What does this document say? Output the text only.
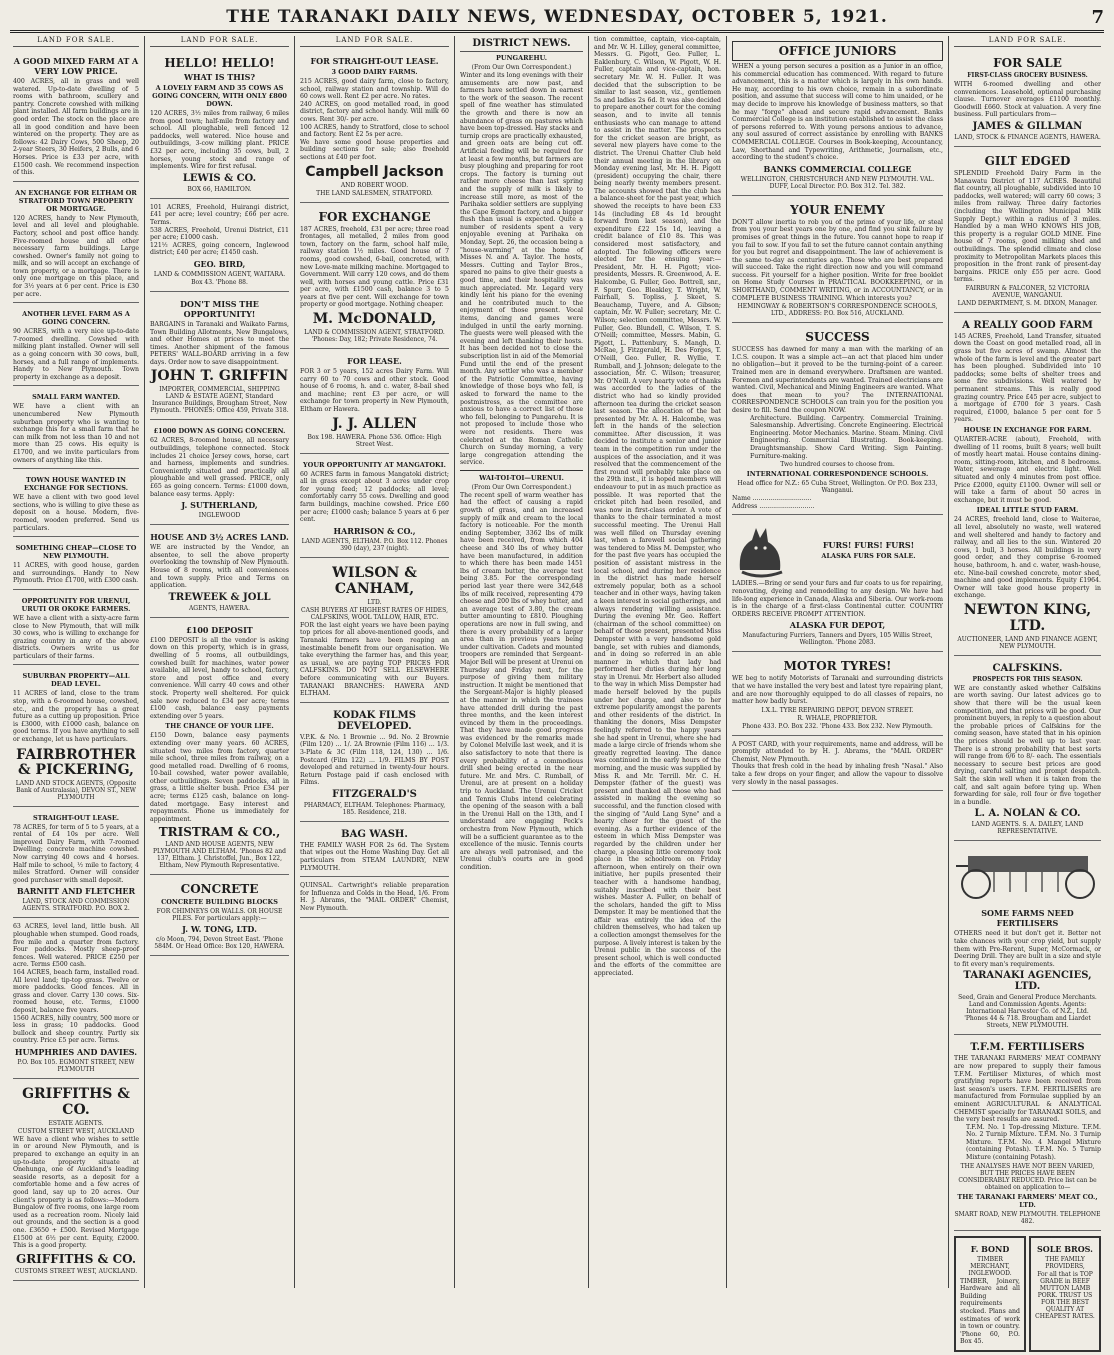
THE TARANAKI DAILY NEWS, WEDNESDAY, OCTOBER 5, 1921.	7
LAND FOR SALE.

A GOOD MIXED FARM AT A VERY LOW PRICE.

400 ACRES, all in grass and well watered. Up-to-date dwelling of 5 rooms with bathroom, scullery and pantry. Concrete cowshed with milking plant installed. All farm buildings are in good order. The stock on the place are all in good condition and have been wintered on the property. They are as follows: 42 Dairy Cows, 500 Sheep, 20 2-year Steers, 30 Heifers, 2 Bulls, and 6 Horses. Price is £33 per acre, with £1500 cash. We recommend inspection of this.

AN EXCHANGE FOR ELTHAM OR STRATFORD TOWN PROPERTY OR MORTGAGE.

120 ACRES, handy to New Plymouth, level and all level and ploughable. Factory, school and post office handy. Five-roomed house and all other necessary farm buildings. Large cowshed. Owner's family not going to milk, and so will accept an exchange of town property, or a mortgage. There is only one mortgage on this place, and for 3½ years at 6 per cent. Price is £30 per acre.

ANOTHER LEVEL FARM AS A GOING CONCERN.

90 ACRES, with a very nice up-to-date 7-roomed dwelling. Cowshed with milking plant installed. Owner will sell as a going concern with 30 cows, bull, horses, and a full range of implements. Handy to New Plymouth. Town property in exchange as a deposit.

SMALL FARM WANTED.

WE have a client with an unencumbered New Plymouth suburban property who is wanting to exchange this for a small farm that he can milk from not less than 10 and not more than 25 cows. His equity is £1700, and we invite particulars from owners of anything like this.

TOWN HOUSE WANTED IN EXCHANGE FOR SECTIONS.

WE have a client with two good level sections, who is willing to give these as deposit on a house. Modern, five-roomed, wooden preferred. Send us particulars.

SOMETHING CHEAP—CLOSE TO NEW PLYMOUTH.

11 ACRES, with good house, garden and surroundings. Handy to New Plymouth. Price £1700, with £300 cash.

OPPORTUNITY FOR URENUI, URUTI OR OKOKE FARMERS.

WE have a client with a sixty-acre farm close to New Plymouth, that will milk 30 cows, who is willing to exchange for grazing country in any of the above districts. Owners write us for particulars of their farms.

SUBURBAN PROPERTY—ALL DEAD LEVEL.

11 ACRES of land, close to the tram stop, with a 6-roomed house, cowshed, etc., and the property has a great future as a cutting up proposition. Price is £3000, with £1000 cash, balance on good terms. If you have anything to sell or exchange, let us have particulars.

FAIRBROTHER & PICKERING,

LAND AND STOCK AGENTS, (Opposite Bank of Australasia), DEVON ST., NEW PLYMOUTH

STRAIGHT-OUT LEASE.

78 ACRES, for term of 5 to 5 years, at a rental of £4 10s per acre. Well improved Dairy Farm, with 7-roomed Dwelling; concrete machine cowshed. Now carrying 40 cows and 4 horses. Half mile to school, ½ mile to factory, 4 miles Stratford. Owner will consider good purchaser with small deposit.

BARNITT AND FLETCHER

LAND, STOCK AND COMMISSION AGENTS. STRATFORD. P.O. BOX 2.

63 ACRES, level land, little bush. All ploughable when stumped. Good roads, five mile and a quarter from factory. Four paddocks. Mostly sheep-proof fences. Well watered. PRICE £250 per acre. Terms £500 cash.

164 ACRES, beach farm, installed road. All level land; tip-top grass. Twelve or more paddocks. Good fences. All in grass and clover. Carry 130 cows. Six-roomed house, etc. Terms, £1000 deposit, balance five years.

1560 ACRES, hilly country, 500 more or less in grass; 10 paddocks. Good bullock and sheep country. Partly six country. Price £5 per acre. Terms.

HUMPHRIES AND DAVIES.

P.O. Box 105. EGMONT STREET, NEW PLYMOUTH

GRIFFITHS & CO.

ESTATE AGENTS.

CUSTOM STREET WEST, AUCKLAND

WE have a client who wishes to settle in or around New Plymouth, and is prepared to exchange an equity in an up-to-date property situate at Onehunga, one of Auckland's leading seaside resorts, as a deposit for a comfortable home and a few acres of good land, say up to 20 acres. Our client's property is as follows:—Modern Bungalow of five rooms, one large room used as a recreation room. Nicely laid out grounds, and the section is a good one. £3650 + £500. Revised Mortgage £1500 at 6½ per cent. Equity, £2000. This is a good property.

GRIFFITHS & CO.

CUSTOMS STREET WEST, AUCKLAND.

LAND FOR SALE.

HELLO! HELLO!

WHAT IS THIS?

A LOVELY FARM AND 35 COWS AS GOING CONCERN, WITH ONLY £800 DOWN.

120 ACRES, 3½ miles from railway, 6 miles from good town; half-mile from factory and school. All ploughable, well fenced 12 paddocks, well watered. Nice house and outbuildings, 3-cow milking plant. PRICE £32 per acre, including 35 cows, bull, 2 horses, young stock and range of implements. Wire for first refusal.

LEWIS & CO.

BOX 66, HAMILTON.

101 ACRES, Freehold, Huirangi district, £41 per acre; level country; £66 per acre. Terms.

538 ACRES, Freehold, Urenui District, £11 per acre; £1000 cash.

121½ ACRES, going concern, Inglewood district; £40 per acre; £1450 cash.

GEO. BIRD,

LAND & COMMISSION AGENT, WAITARA.

Box 43. 'Phone 88.

DON'T MISS THE OPPORTUNITY!

BARGAINS in Taranaki and Waikato Farms, Town Building Allotments, New Bungalows, and other Homes at prices to meet the times. Another shipment of the famous PETERS' WALL-BOARD arriving in a few days. Order now to save disappointment.

JOHN T. GRIFFIN

IMPORTER, COMMERCIAL, SHIPPING LAND & ESTATE AGENT, Standard Insurance Buildings, Brougham Street, New Plymouth. 'PHONES: Office 459, Private 318.

£1000 DOWN AS GOING CONCERN.

62 ACRES, 8-roomed house, all necessary outbuildings, telephone connected. Stock includes 21 choice Jersey cows, horse, cart and harness, implements and sundries. Conveniently situated and practically all ploughable and well grassed. PRICE, only £65 as going concern. Terms: £1000 down, balance easy terms. Apply:

J. SUTHERLAND,

INGLEWOOD

HOUSE AND 3½ ACRES LAND.

WE are instructed by the Vendor, an absentee, to sell the above property overlooking the township of New Plymouth. House of 8 rooms, with all conveniences and town supply. Price and Terms on application.

TREWEEK & JOLL

AGENTS, HAWERA.

£100 DEPOSIT

£100 DEPOSIT is all the vendor is asking down on this property, which is in grass, dwelling of 5 rooms, all outbuildings, cowshed built for machines, water power available, all level, handy to school, factory, store and post office and every convenience. Will carry 40 cows and other stock. Property well sheltered. For quick sale now reduced to £34 per acre; terms £100 cash, balance easy payments extending over 5 years.

THE CHANCE OF YOUR LIFE.

£150 Down, balance easy payments extending over many years. 60 ACRES, situated two miles from factory, quarter mile school, three miles from railway, on a good metalled road. Dwelling of 6 rooms, 10-bail cowshed, water power available, other outbuildings. Seven paddocks, all in grass, a little shelter bush. Price £34 per acre; terms £125 cash, balance on long-dated mortgage. Easy interest and repayments. Phone us immediately for appointment.

TRISTRAM & CO.,

LAND AND HOUSE AGENTS, NEW PLYMOUTH AND ELTHAM. 'Phones 82 and 137, Eltham. J. Christoffel, Jun., Box 122, Eltham, New Plymouth Representative.

CONCRETE

CONCRETE BUILDING BLOCKS

FOR CHIMNEYS OR WALLS. OR HOUSE PILES. For particulars apply:—

J. W. TONG, LTD.

c/o Moon, 794, Devon Street East. 'Phone 584M. Or Head Office: Box 120, HAWERA.

LAND FOR SALE.

FOR STRAIGHT-OUT LEASE.

3 GOOD DAIRY FARMS.

215 ACRES, good dairy farm, close to factory, school, railway station and township. Will do 60 cows well. Rent £2 per acre. No rates.

240 ACRES, on good metalled road, in good district, factory and school handy. Will milk 60 cows. Rent 30/- per acre.

100 ACRES, handy to Stratford, close to school and factory. Rent £2 5s per acre.

We have some good house properties and building sections for sale; also freehold sections at £40 per foot.

Campbell Jackson

AND ROBERT WOOD.

THE LAND SALESMEN, STRATFORD.

FOR EXCHANGE

187 ACRES, freehold, £31 per acre; three road frontages, all metalled, 2 miles from good town, factory on the farm, school half mile, railway station 1½ miles. Good house of 7 rooms, good cowshed, 6-bail, concreted, with new Love-mate milking machine. Mortgaged to Government. Will carry 120 cows, and do them well, with horses and young cattle. Price £31 per acre, with £1500 cash, balance 3 to 5 years at five per cent. Will exchange for town property or good mortgage. Nothing cheaper.

M. McDONALD,

LAND & COMMISSION AGENT, STRATFORD. 'Phones: Day, 182; Private Residence, 74.

FOR LEASE.

FOR 3 or 5 years, 152 acres Dairy Farm. Will carry 60 to 70 cows and other stock. Good house of 6 rooms, h. and c. water, 8-bail shed and machine; rent £3 per acre, or will exchange for town property in New Plymouth, Eltham or Hawera.

J. J. ALLEN

Box 198. HAWERA. Phone 536. Office: High Street West.

YOUR OPPORTUNITY AT MANGATOKI.

60 ACRES farm in famous Mangatoki district; all in grass except about 3 acres under crop for young feed; 12 paddocks; all level; comfortably carry 55 cows. Dwelling and good farm buildings, machine cowshed. Price £60 per acre; £1000 cash; balance 5 years at 6 per cent.

HARRISON & CO.,

LAND AGENTS, ELTHAM. P.O. Box 112. Phones 390 (day), 237 (night).

WILSON & CANHAM,

LTD.

CASH BUYERS AT HIGHEST RATES OF HIDES, CALFSKINS, WOOL TALLOW, HAIR, ETC.

FOR the last eight years we have been paying top prices for all above-mentioned goods, and Taranaki farmers have been reaping an inestimable benefit from our organisation. We take everything the farmer has, and this year, as usual, we are paying TOP PRICES FOR CALFSKINS. DO NOT SELL ELSEWHERE before communicating with our Buyers. TARANAKI BRANCHES: HAWERA AND ELTHAM.

KODAK FILMS DEVELOPED.

V.P.K. & No. 1 Brownie ... 9d. No. 2 Brownie (Film 120) ... 1/. 2A Brownie (Film 116) ... 1/3. 3-Plate & 3C (Film 118, 124, 130) ... 1/6. Postcard (Film 122) ... 1/9. FILMS BY POST developed and returned in twenty-four hours. Return Postage paid if cash enclosed with Films.

FITZGERALD'S

PHARMACY, ELTHAM. Telephones: Pharmacy, 185. Residence, 218.

BAG WASH.

THE FAMILY WASH FOR 2s 6d. The System that wipes out the Home Washing Day. Get all particulars from STEAM LAUNDRY, NEW PLYMOUTH.

QUINSAL. Cartwright's reliable preparation for Influenza and Colds in the Head, 1/6. From H. J. Abrams, the "MAIL ORDER" Chemist, New Plymouth.

DISTRICT NEWS.

PUNGAREHU.

(From Our Own Correspondent.)

Winter and its long evenings with their amusements are now past, and farmers have settled down in earnest to the work of the season. The recent spell of fine weather has stimulated the growth and there is now an abundance of grass on pastures which have been top-dressed. Hay stacks and turnip crops are practically exhausted, and green oats are being cut off. Artificial feeding will be required for at least a few months, but farmers are busy ploughing and preparing for root crops. The factory is turning out rather more cheese than last spring and the supply of milk is likely to increase still more, as most of the Parihaka soldier settlers are supplying the Cape Egmont factory, and a bigger flush than usual is expected. Quite a number of residents spent a very enjoyable evening at Parihaka on Monday, Sept. 26, the occasion being a "house-warming" at the home of Misses N. and A. Taylor. The hosts, Messrs. Cutting and Taylor Bros., spared no pains to give their guests a good time, and their hospitality was much appreciated. Mr. Legard very kindly lent his piano for the evening and he contributed much to the enjoyment of those present. Vocal items, dancing and games were indulged in until the early morning. The guests were well pleased with the evening and left thanking their hosts. It has been decided not to close the subscription list in aid of the Memorial Fund until the end of the present month. Any settler who was a member of the Patriotic Committee, having knowledge of those boys who fell, is asked to forward the name to the postmistress, as the committee are anxious to have a correct list of those who fell, belonging to Pungarehu. It is not proposed to include those who were not residents. There was celebrated at the Roman Catholic Church on Sunday morning, a very large congregation attending the service.

WAI-TOI-TOI—URENUI.

(From Our Own Correspondent.)

The recent spell of warm weather has had the effect of causing a rapid growth of grass, and an increased supply of milk and cream to the local factory is noticeable. For the month ending September, 3362 lbs of milk have been received, from which 404 cheese and 340 lbs of whey butter have been manufactured, in addition to which there has been made 1451 lbs of cream butter, the average test being 3.85. For the corresponding period last year there were 342,648 lbs of milk received, representing 479 cheese and 200 lbs of whey butter, and an average test of 3.80, the cream butter amounting to £810. Ploughing operations are now in full swing, and there is every probability of a larger area than in previous years being under cultivation. Cadets and mounted troopers are reminded that Sergeant-Major Bell will be present at Urenui on Thursday and Friday next, for the purpose of giving them military instruction. It might be mentioned that the Sergeant-Major is highly pleased at the manner in which the trainees have attended drill during the past three months, and the keen interest evinced by them in the proceedings. That they have made good progress was evidenced by the remarks made by Colonel Melville last week, and it is also satisfactory to note that there is every probability of a commodious drill shed being erected in the near future. Mr. and Mrs. C. Rumball, of Urenui, are at present on a holiday trip to Auckland. The Urenui Cricket and Tennis Clubs intend celebrating the opening of the season with a ball in the Urenui Hall on the 13th, and I understand are engaging Peck's orchestra from New Plymouth, which will be a sufficient guarantee as to the excellence of the music. Tennis courts are always well patronised, and the Urenui club's courts are in good condition.

tion committee, captain, vice-captain, and Mr. W. H. Lilley, general committee, Messrs. G. Pigott, Geo. Fuller, L. Eaklenbury, C. Wilson, W. Pigott, W. H. Fuller, captain and vice-captain, hon. secretary Mr. W. H. Fuller. It was decided that the subscription to be similar to last season, viz., gentlemen 5s and ladies 2s 6d. It was also decided to prepare another court for the coming season, and to invite all tennis enthusiasts who can manage to attend to assist in the matter. The prospects for the cricket season are bright, as several new players have come to the district. The Urenui Chatter Club held their annual meeting in the library on Monday evening last, Mr. H. H. Pigott (president) occupying the chair, there being nearly twenty members present. The accounts showed that the club has a balance-sheet for the past year, which showed the receipts to have been £33 14s (including £8 4s 1d brought forward from last season), and the expenditure £22 15s 1d, leaving a credit balance of £10 8s. This was considered most satisfactory, and adopted. The following officers were elected for the ensuing year:—President, Mr. H. H. Pigott; vice-presidents, Messrs. R. Greenwood, A. E. Halcombe, G. Fuller, Geo. Bottrell, snr., F. Spurr, Geo. Bleakley, T. Wright, W. Fairhall, S. Topliss, J. Skeet, S. Beauchamp, Tuyere, and A. Gibson; captain, Mr. W. Fuller; secretary, Mr. C. Wilson; selection committee, Messrs. W. Fuller, Geo. Blundell, C. Wilson, T. S. O'Neill; committee, Messrs. Mabin, G. Pigott, L. Pattenbury, S. Mangh, D. McRae, J. Fitzgerald, H. Des Forges, T. O'Neill, Geo. Fuller, R. Wyllie, T. Rumball, and J. Johnson; delegate to the association, Mr. C. Wilson; treasurer, Mr. O'Neill. A very hearty vote of thanks was accorded to the ladies of the district who had so kindly provided afternoon tea during the cricket season last season. The allocation of the bat presented by Mr. A. H. Halcombe, was left in the hands of the selection committee. After discussion, it was decided to institute a senior and junior team in the competition run under the auspices of the association, and it was resolved that the commencement of the first round will probably take place on the 29th inst., it is hoped members will endeavour to put in as much practice as possible. It was reported that the cricket pitch had been resoiled, and was now in first-class order. A vote of thanks to the chair terminated a most successful meeting. The Urenui Hall was well filled on Thursday evening last, when a farewell social gathering was tendered to Miss M. Dempster, who for the past five years has occupied the position of assistant mistress in the local school, and during her residence in the district has made herself extremely popular, both as a school teacher and in other ways, having taken a keen interest in social gatherings, and always rendering willing assistance. During the evening Mr. Geo. Reffert (chairman of the school committee) on behalf of those present, presented Miss Dempster with a very handsome gold bangle, set with rubies and diamonds, and in doing so referred in an able manner in which that lady had performed her duties during her long stay in Urenui. Mr. Herbert also alluded to the way in which Miss Dempster had made herself beloved by the pupils under her charge, and also to her extreme popularity amongst the parents and other residents of the district. In thanking the donors, Miss Dempster feelingly referred to the happy years she had spent in Urenui, where she had made a large circle of friends whom she greatly regretted leaving. The dance was continued in the early hours of the morning, and the music was supplied by Miss R. and Mr. Terrill. Mr. C. H. Dempster (father of the guest) was present and thanked all those who had assisted in making the evening so successful, and the function closed with the singing of "Auld Lang Syne" and a hearty cheer for the guest of the evening. As a further evidence of the esteem in which Miss Dempster was regarded by the children under her charge, a pleasing little ceremony took place in the schoolroom on Friday afternoon, when entirely on their own initiative, her pupils presented their teacher with a handsome handbag, suitably inscribed with their best wishes. Master A. Fuller, on behalf of the scholars, handed the gift to Miss Dempster. It may be mentioned that the affair was entirely the idea of the children themselves, who had taken up a collection amongst themselves for the purpose. A lively interest is taken by the Urenui public in the success of the present school, which is well conducted and the efforts of the committee are appreciated.

OFFICE JUNIORS

WHEN a young person secures a position as a Junior in an office, his commercial education has commenced. With regard to future advancement, this is a matter which is largely in his own hands. He may, according to his own choice, remain in a subordinate position, and assume that success will come to him unaided, or he may decide to improve his knowledge of business matters, so that he may "forge" ahead and secure rapid advancement. Banks Commercial College is an institution established to assist the class of persons referred to. With young persons anxious to advance, any soul assured of correct assistance by enrolling with BANKS COMMERCIAL COLLEGE. Courses in Book-keeping, Accountancy, Law, Shorthand and Typewriting, Arithmetic, Journalism, etc., according to the student's choice.

BANKS COMMERCIAL COLLEGE

WELLINGTON, CHRISTCHURCH AND NEW PLYMOUTH. VAL. DUFF, Local Director. P.O. Box 312. Tel. 382.

YOUR ENEMY

DON'T allow inertia to rob you of the prime of your life, or steal from you your best years one by one, and find you sink failure by promises of great things in the future. You cannot hope to reap if you fail to sow. If you fail to set the future cannot contain anything for you but regret and disappointment. The law of achievement is the same to-day as centuries ago. Those who are best prepared will succeed. Take the right direction now and you will command success. Fit yourself for a higher position. Write for free booklet on Home Study Courses in PRACTICAL BOOKKEEPING, or in SHORTHAND, COMMENT WRITING, or in ACCOUNTANCY, or in COMPLETE BUSINESS TRAINING. Which interests you?

HEMINGWAY & ROBERTSON'S CORRESPONDENCE SCHOOLS, LTD., ADDRESS: P.O. Box 516, AUCKLAND.

SUCCESS

SUCCESS has dawned for many a man with the marking of an I.C.S. coupon. It was a simple act—an act that placed him under no obligation—but it proved to be the turning-point of a career. Trained men are in demand everywhere. Draftsmen are wanted. Foremen and superintendents are wanted. Trained electricians are wanted. Civil, Mechanical and Mining Engineers are wanted. What does that mean to you? The INTERNATIONAL CORRESPONDENCE SCHOOLS can train you for the position you desire to fill. Send the coupon NOW.

Architecture. Building. Carpentry. Commercial Training. Salesmanship. Advertising. Concrete Engineering. Electrical Engineering. Motor Mechanics. Marine. Steam. Mining. Civil Engineering. Commercial Illustrating. Book-keeping. Draughtsmanship. Show Card Writing. Sign Painting. Furniture-making.

Two hundred courses to choose from.

INTERNATIONAL CORRESPONDENCE SCHOOLS.

Head office for N.Z.: 65 Cuba Street, Wellington. Or P.O. Box 233, Wanganui.

Name ..............................

Address ............................

FURS! FURS! FURS!

ALASKA FURS FOR SALE.

LADIES.—Bring or send your furs and fur coats to us for repairing, renovating, dyeing and remodelling to any design. We have had life-long experience in Canada, Alaska and Siberia. Our work-room is in the charge of a first-class Continental cutter. COUNTRY ORDERS RECEIVE PROMPT ATTENTION.

ALASKA FUR DEPOT,

Manufacturing Furriers, Tanners and Dyers, 105 Willis Street, Wellington. 'Phone 2083.

MOTOR TYRES!

WE beg to notify Motorists of Taranaki and surrounding districts that we have installed the very best and latest tyre repairing plant, and are now thoroughly equipped to do all classes of repairs, no matter how badly burst.

I.X.L. TYRE REPAIRING DEPOT, DEVON STREET.

R. WHALE, PROPRIETOR.

Phone 433. P.O. Box 232. 'Phone 433. Box 232. New Plymouth.

A POST CARD, with your requirements, name and address, will be promptly attended to by H. J. Abrams, the "MAIL ORDER" Chemist, New Plymouth.

Thouks that fresh cold in the head by inhaling fresh "Nasal." Also take a few drops on your finger, and allow the vapour to dissolve very slowly in the nasal passages.

LAND FOR SALE.

FOR SALE

FIRST-CLASS GROCERY BUSINESS.

WITH 6-roomed dwelling and other conveniences. Leasehold, optional purchasing clause. Turnover averages £1100 monthly. Goodwill £660. Stock at valuation. A very fine business. Full particulars from—

JAMES & GILLMAN

LAND, STOCK & FINANCE AGENTS, HAWERA.

GILT EDGED

SPLENDID Freehold Dairy Farm in the Manawatu District of 117 ACRES. Beautiful flat country, all ploughable, subdivided into 10 paddocks, well watered; will carry 60 cows; 3 miles from railway. Three dairy factories (including the Wellington Municipal Milk Supply Dept.) within a radius of 3 miles. Handled by a man WHO KNOWS HIS JOB, this property is a regular GOLD MINE. Fine house of 7 rooms, good milking shed and outbuildings. The splendid climate and close proximity to Metropolitan Markets places this proposition in the front rank of present-day bargains. PRICE only £55 per acre. Good terms.

FAIRBURN & FALCONER, 52 VICTORIA AVENUE, WANGANUI.

LAND DEPARTMENT, S. M. DIXON, Manager.

A REALLY GOOD FARM

145 ACRES, Freehold, Land Transfer, situated down the Coast on good metalled road, all in grass but five acres of swamp. Almost the whole of the farm is level and the greater part has been ploughed. Subdivided into 10 paddocks; some belts of shelter trees and some fire subdivisions. Well watered by permanent streams. This is really good grazing country. Price £45 per acre, subject to a mortgage of £700 for 3 years. Cash required, £1000, balance 5 per cent for 5 years.

HOUSE IN EXCHANGE FOR FARM.

QUARTER-ACRE (about), Freehold, with dwelling of 11 rooms, built 8 years; well built of mostly heart matai. House contains dining-room, sitting-room, kitchen, and 8 bedrooms. Water, sewerage and electric light. Well situated and only 4 minutes from post office. Price £2000, equity £1100. Owner will sell or will take a farm of about 50 acres in exchange, but it must be good.

IDEAL LITTLE STUD FARM.

24 ACRES, freehold land, close to Waiterae, all level, absolutely no waste, well watered and well sheltered and handy to factory and railway, and all lies to the sun. Wintered 20 cows, 1 bull, 3 horses. All buildings in very good order, and they comprise 6-roomed house, bathroom, h. and c. water, wash-house, etc. Nine-bail cowshed concrete, motor shed, machine and good implements. Equity £1964. Owner will take good house property in exchange.

NEWTON KING, LTD.

AUCTIONEER, LAND AND FINANCE AGENT, NEW PLYMOUTH.

CALFSKINS.

PROSPECTS FOR THIS SEASON.

WE are constantly asked whether Calfskins are worth saving. Our latest advices go to show that there will be the usual keen competition, and that prices will be good. Our prominent buyers, in reply to a question about the probable prices of Calfskins for the coming season, have stated that in his opinion the prices should be well up to last year. There is a strong probability that best sorts will range from 6/6 to 8/- each. The essentials necessary to secure best prices are good drying, careful salting and prompt despatch. Salt the skin well when it is taken from the calf, and salt again before tying up. When forwarding for sale, roll four or five together in a bundle.

L. A. NOLAN & CO.

LAND AGENTS. S. A. DAILEY, LAND REPRESENTATIVE.

SOME FARMS NEED FERTILISERS

OTHERS need it but don't get it. Better not take chances with your crop yield, but supply them with Pre-Rerent, Super, McCormack, or Deering Drill. They are built in a size and style to fit every man's requirements.

TARANAKI AGENCIES, LTD.

Seed, Grain and General Produce Merchants. Land and Commission Agents. Agents: International Harvester Co. of N.Z., Ltd. 'Phones 44 & 718. Brougham and Liardet Streets, NEW PLYMOUTH.

T.F.M. FERTILISERS

THE TARANAKI FARMERS' MEAT COMPANY are now prepared to supply their famous T.F.M. Fertiliser Mixtures, of which most gratifying reports have been received from last season's users. T.F.M. FERTILISERS are manufactured from Formulae supplied by an eminent AGRICULTURAL & ANALYTICAL CHEMIST specially for TARANAKI SOILS, and the very best results are assured.

T.F.M. No. 1 Top-dressing Mixture. T.F.M. No. 2 Turnip Mixture. T.F.M. No. 3 Turnip Mixture. T.F.M. No. 4 Mangel Mixture (containing Potash). T.F.M. No. 5 Turnip Mixture (containing Potash).

THE ANALYSES HAVE NOT BEEN VARIED, BUT THE PRICES HAVE BEEN CONSIDERABLY REDUCED. Price list can be obtained on application to—

THE TARANAKI FARMERS' MEAT CO., LTD.

SMART ROAD, NEW PLYMOUTH. TELEPHONE 482.

F. BOND

TIMBER MERCHANT, INGLEWOOD.

TIMBER, Joinery, Hardware and all Building requirements stocked. Plans and estimates of work in town or country. 'Phone 60, P.O. Box 45.

SOLE BROS.

THE FAMILY PROVIDERS,

For all that is TOP GRADE in BEEF MUTTON LAMB PORK. TRUST US FOR THE BEST QUALITY AT CHEAPEST RATES.
